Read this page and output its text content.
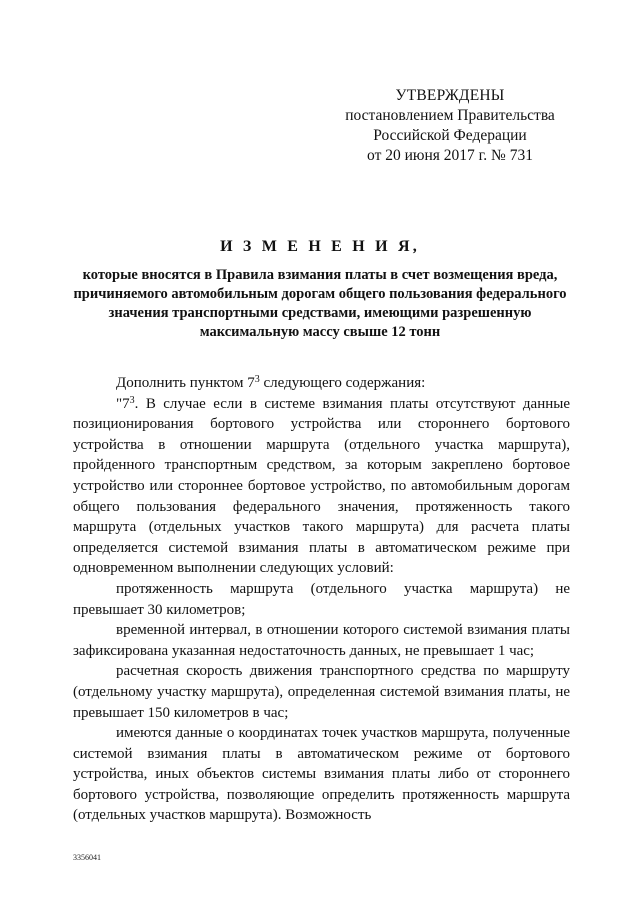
УТВЕРЖДЕНЫ
постановлением Правительства
Российской Федерации
от 20 июня 2017 г. № 731
И З М Е Н Е Н И Я,

которые вносятся в Правила взимания платы в счет возмещения вреда, причиняемого автомобильным дорогам общего пользования федерального значения транспортными средствами, имеющими разрешенную максимальную массу свыше 12 тонн

Дополнить пунктом $7^3$ следующего содержания:

"$7^3$. В случае если в системе взимания платы отсутствуют данные позиционирования бортового устройства или стороннего бортового устройства в отношении маршрута (отдельного участка маршрута), пройденного транспортным средством, за которым закреплено бортовое устройство или стороннее бортовое устройство, по автомобильным дорогам общего пользования федерального значения, протяженность такого маршрута (отдельных участков такого маршрута) для расчета платы определяется системой взимания платы в автоматическом режиме при одновременном выполнении следующих условий:

протяженность маршрута (отдельного участка маршрута) не превышает 30 километров;

временной интервал, в отношении которого системой взимания платы зафиксирована указанная недостаточность данных, не превышает 1 час;

расчетная скорость движения транспортного средства по маршруту (отдельному участку маршрута), определенная системой взимания платы, не превышает 150 километров в час;

имеются данные о координатах точек участков маршрута, полученные системой взимания платы в автоматическом режиме от бортового устройства, иных объектов системы взимания платы либо от стороннего бортового устройства, позволяющие определить протяженность маршрута (отдельных участков маршрута). Возможность

3356041
